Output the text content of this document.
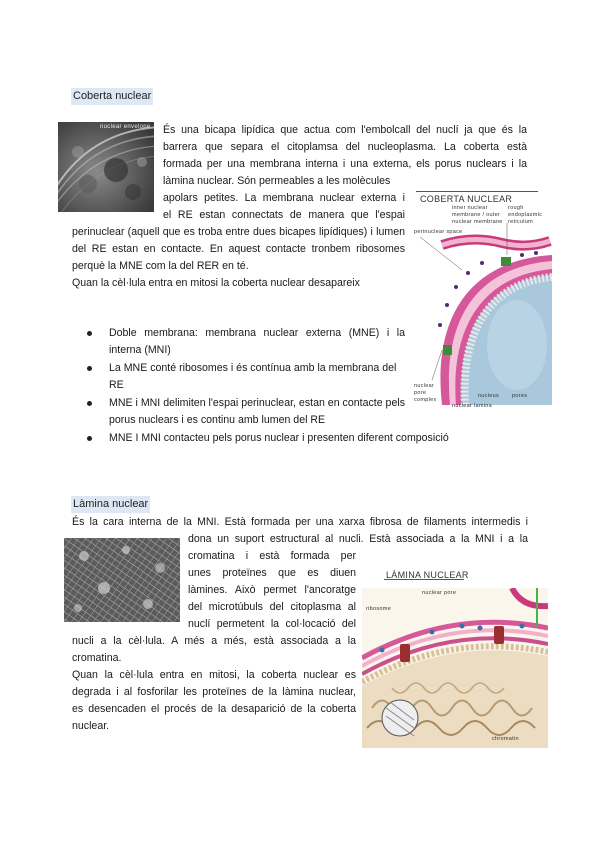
Coberta nuclear
nuclear envelope És una bicapa lipídica que actua com l'embolcall del nuclí ja que és la
barrera que separa el citoplamsa del nucleoplasma. La coberta està
formada per una membrana interna i una externa, els porus nuclears i la
làmina nuclear. Són permeables a les molècules
apolars petites. La membrana nuclear externa i
el RE estan connectats de manera que l'espai
perinuclear (aquell que es troba entre dues bicapes lipídiques) i lumen del RE estan en contacte. En aquest contacte tronbem ribosomes perquè la MNE com la del RER en té.
Quan la cèl·lula entra en mitosi la coberta nuclear desapareix
Doble membrana: membrana nuclear externa (MNE) i la interna (MNI)
La MNE conté ribosomes i és contínua amb la membrana del
RE
MNE i MNI delimiten l'espai perinuclear, estan en contacte pels porus nuclears i es continu amb lumen del RE
MNE I MNI contacteu pels porus nuclear i presenten diferent composició
COBERTA NUCLEAR
inner nuclear membrane / outer nuclear membrane
rough endoplasmic reticulum
perinuclear space
nuclear pore complex
nucleus
nuclear lamina
pores
Làmina nuclear
És la cara interna de la MNI. Està formada per una xarxa fibrosa de filaments intermedis i
dona un suport estructural al nucli. Està associada a la MNI i a la
cromatina i està formada per
unes proteïnes que es diuen
làmines. Això permet l'ancoratge
del microtúbuls del citoplasma al
nuclí permetent la col·locació del
nucli a la cèl·lula. A més a més, està associada a la
cromatina.
Quan la cèl·lula entra en mitosi, la coberta nuclear es
degrada i al fosforilar les proteïnes de la làmina nuclear,
es desencaden el procés de la desaparició de la coberta
nuclear.
LÀMINA NUCLEAR
ribosome
nuclear pore
chromatin
